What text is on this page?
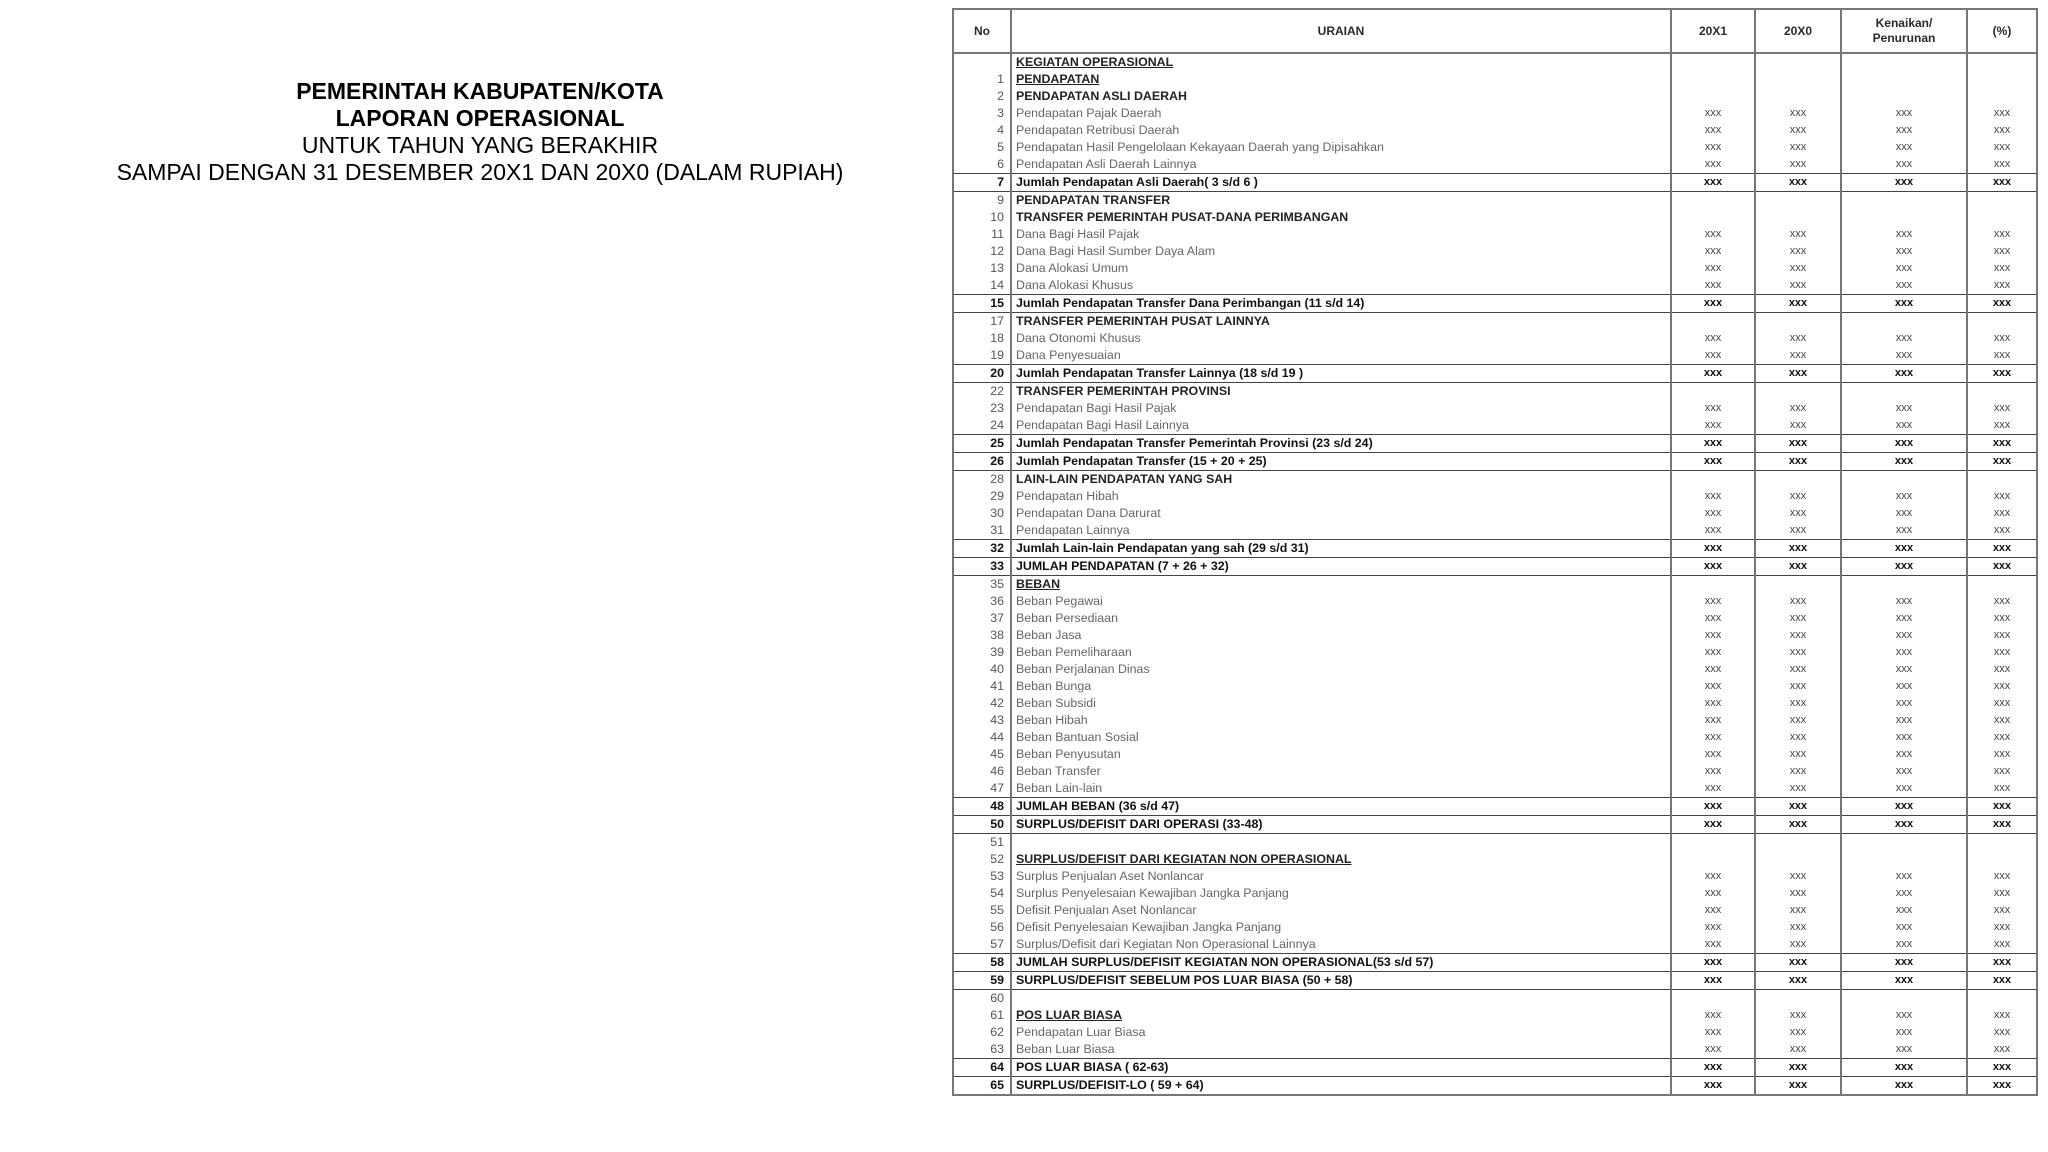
PEMERINTAH KABUPATEN/KOTA
LAPORAN OPERASIONAL
UNTUK TAHUN YANG BERAKHIR
SAMPAI DENGAN 31 DESEMBER 20X1 DAN 20X0 (DALAM RUPIAH)
No	URAIAN	20X1	20X0	Kenaikan/ Penurunan	(%)
	KEGIATAN OPERASIONAL				
1	PENDAPATAN				
2	PENDAPATAN ASLI DAERAH				
3	Pendapatan Pajak Daerah	xxx	xxx	xxx	xxx
4	Pendapatan Retribusi Daerah	xxx	xxx	xxx	xxx
5	Pendapatan Hasil Pengelolaan Kekayaan Daerah yang Dipisahkan	xxx	xxx	xxx	xxx
6	Pendapatan Asli Daerah Lainnya	xxx	xxx	xxx	xxx
7	Jumlah Pendapatan Asli Daerah( 3 s/d 6 )	xxx	xxx	xxx	xxx
9	PENDAPATAN TRANSFER				
10	TRANSFER PEMERINTAH PUSAT-DANA PERIMBANGAN				
11	Dana Bagi Hasil Pajak	xxx	xxx	xxx	xxx
12	Dana Bagi Hasil Sumber Daya Alam	xxx	xxx	xxx	xxx
13	Dana Alokasi Umum	xxx	xxx	xxx	xxx
14	Dana Alokasi Khusus	xxx	xxx	xxx	xxx
15	Jumlah Pendapatan Transfer Dana Perimbangan (11 s/d 14)	xxx	xxx	xxx	xxx
17	TRANSFER PEMERINTAH PUSAT LAINNYA				
18	Dana Otonomi Khusus	xxx	xxx	xxx	xxx
19	Dana Penyesuaian	xxx	xxx	xxx	xxx
20	Jumlah Pendapatan Transfer Lainnya (18 s/d 19 )	xxx	xxx	xxx	xxx
22	TRANSFER PEMERINTAH PROVINSI				
23	Pendapatan Bagi Hasil Pajak	xxx	xxx	xxx	xxx
24	Pendapatan Bagi Hasil Lainnya	xxx	xxx	xxx	xxx
25	Jumlah Pendapatan Transfer Pemerintah Provinsi (23 s/d 24)	xxx	xxx	xxx	xxx
26	Jumlah Pendapatan Transfer (15 + 20 + 25)	xxx	xxx	xxx	xxx
28	LAIN-LAIN PENDAPATAN YANG SAH				
29	Pendapatan Hibah	xxx	xxx	xxx	xxx
30	Pendapatan Dana Darurat	xxx	xxx	xxx	xxx
31	Pendapatan Lainnya	xxx	xxx	xxx	xxx
32	Jumlah Lain-lain Pendapatan yang sah (29 s/d 31)	xxx	xxx	xxx	xxx
33	JUMLAH PENDAPATAN (7 + 26 + 32)	xxx	xxx	xxx	xxx
35	BEBAN				
36	Beban Pegawai	xxx	xxx	xxx	xxx
37	Beban Persediaan	xxx	xxx	xxx	xxx
38	Beban Jasa	xxx	xxx	xxx	xxx
39	Beban Pemeliharaan	xxx	xxx	xxx	xxx
40	Beban Perjalanan Dinas	xxx	xxx	xxx	xxx
41	Beban Bunga	xxx	xxx	xxx	xxx
42	Beban Subsidi	xxx	xxx	xxx	xxx
43	Beban Hibah	xxx	xxx	xxx	xxx
44	Beban Bantuan Sosial	xxx	xxx	xxx	xxx
45	Beban Penyusutan	xxx	xxx	xxx	xxx
46	Beban Transfer	xxx	xxx	xxx	xxx
47	Beban Lain-lain	xxx	xxx	xxx	xxx
48	JUMLAH BEBAN (36 s/d 47)	xxx	xxx	xxx	xxx
50	SURPLUS/DEFISIT DARI OPERASI (33-48)	xxx	xxx	xxx	xxx
51					
52	SURPLUS/DEFISIT DARI KEGIATAN NON OPERASIONAL				
53	Surplus Penjualan Aset Nonlancar	xxx	xxx	xxx	xxx
54	Surplus Penyelesaian Kewajiban Jangka Panjang	xxx	xxx	xxx	xxx
55	Defisit Penjualan Aset Nonlancar	xxx	xxx	xxx	xxx
56	Defisit Penyelesaian Kewajiban Jangka Panjang	xxx	xxx	xxx	xxx
57	Surplus/Defisit dari Kegiatan Non Operasional Lainnya	xxx	xxx	xxx	xxx
58	JUMLAH SURPLUS/DEFISIT KEGIATAN NON OPERASIONAL(53 s/d 57)	xxx	xxx	xxx	xxx
59	SURPLUS/DEFISIT SEBELUM POS LUAR BIASA (50 + 58)	xxx	xxx	xxx	xxx
60					
61	POS LUAR BIASA	xxx	xxx	xxx	xxx
62	Pendapatan Luar Biasa	xxx	xxx	xxx	xxx
63	Beban Luar Biasa	xxx	xxx	xxx	xxx
64	POS LUAR BIASA ( 62-63)	xxx	xxx	xxx	xxx
65	SURPLUS/DEFISIT-LO ( 59 + 64)	xxx	xxx	xxx	xxx
